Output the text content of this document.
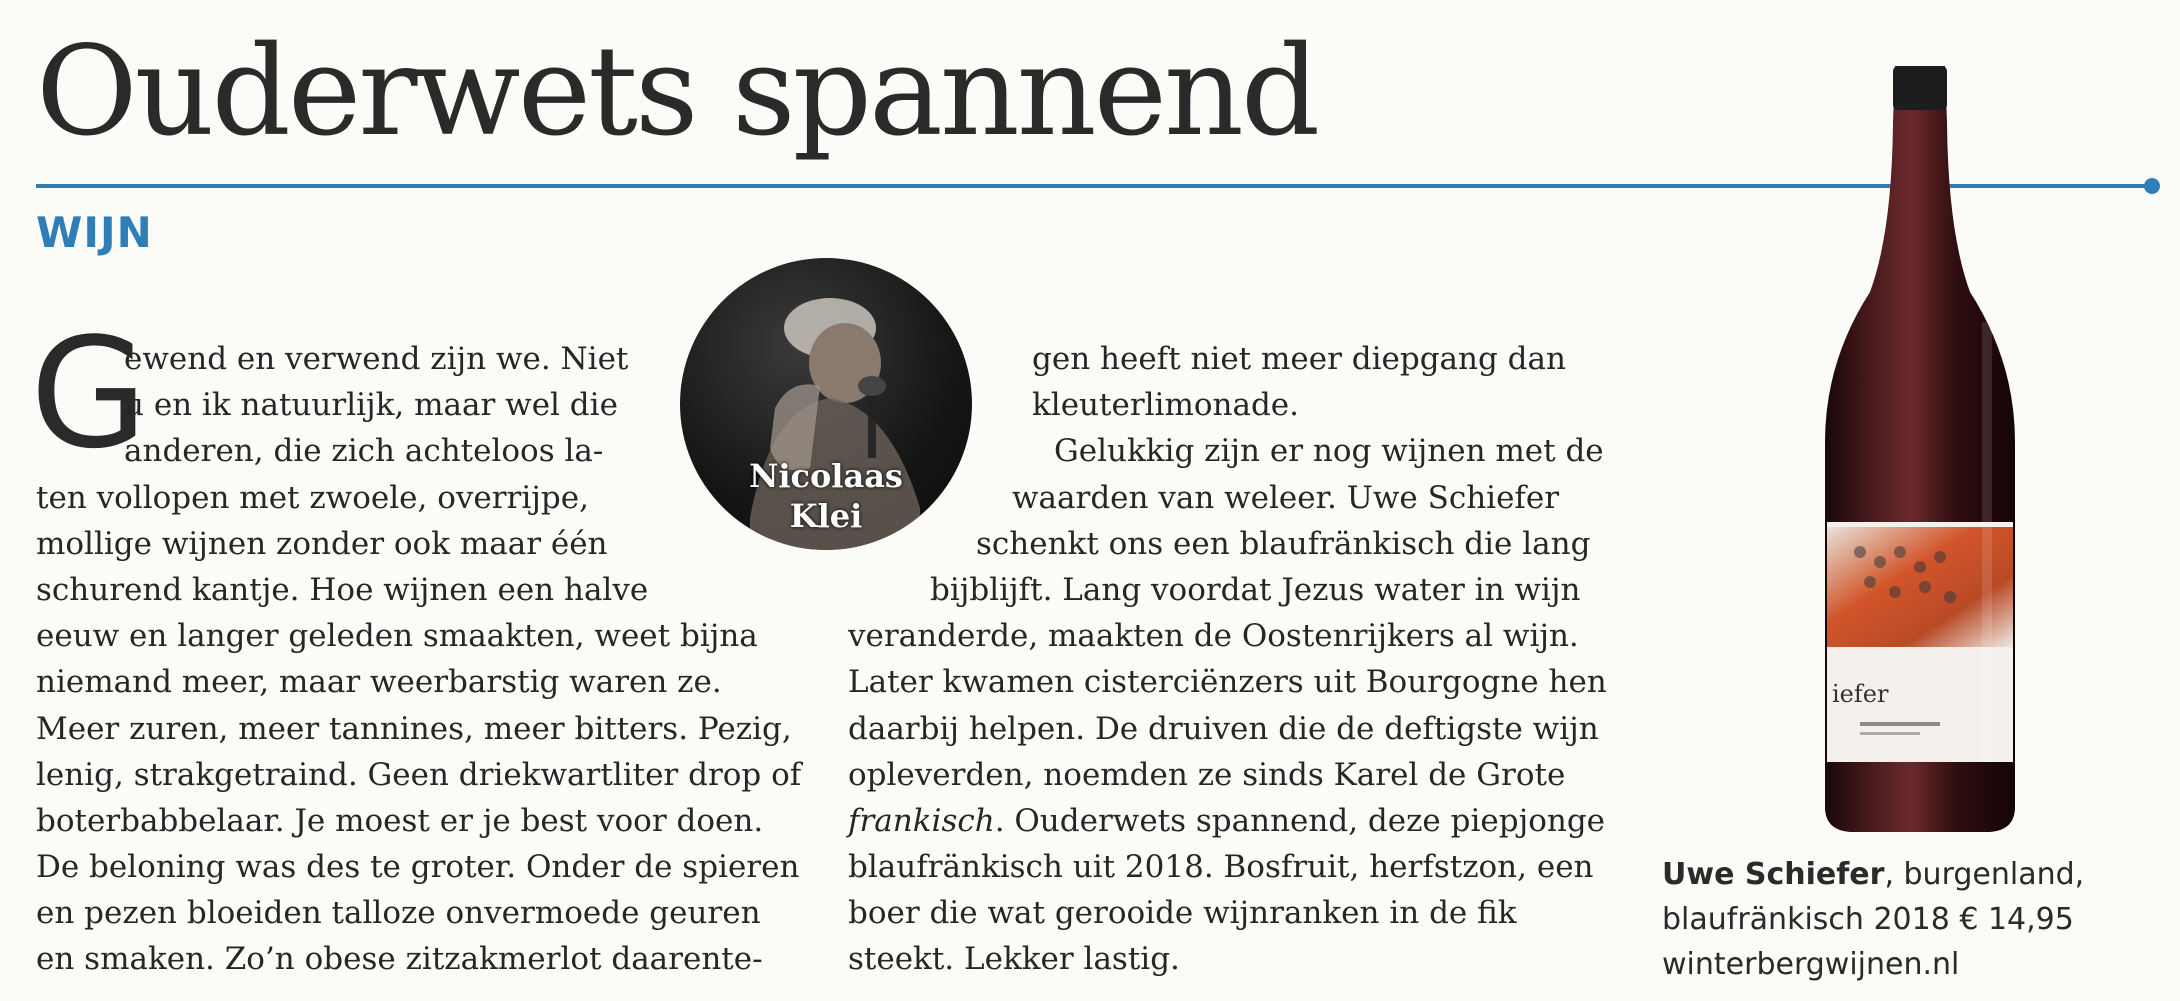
Ouderwets spannend
WIJN
Nicolaas
Klei
G
ewend en verwend zijn we. Niet
u en ik natuurlijk, maar wel die
anderen, die zich achteloos la-
ten vollopen met zwoele, overrijpe,
mollige wijnen zonder ook maar één
schurend kantje. Hoe wijnen een halve
eeuw en langer geleden smaakten, weet bijna
niemand meer, maar weerbarstig waren ze.
Meer zuren, meer tannines, meer bitters. Pezig,
lenig, strakgetraind. Geen driekwartliter drop of
boterbabbelaar. Je moest er je best voor doen.
De beloning was des te groter. Onder de spieren
en pezen bloeiden talloze onvermoede geuren
en smaken. Zo’n obese zitzakmerlot daarente-
gen heeft niet meer diepgang dan
kleuterlimonade.
Gelukkig zijn er nog wijnen met de
waarden van weleer. Uwe Schiefer
schenkt ons een blaufränkisch die lang
bijblijft. Lang voordat Jezus water in wijn
veranderde, maakten de Oostenrijkers al wijn.
Later kwamen cisterciënzers uit Bourgogne hen
daarbij helpen. De druiven die de deftigste wijn
opleverden, noemden ze sinds Karel de Grote
frankisch. Ouderwets spannend, deze piepjonge
blaufränkisch uit 2018. Bosfruit, herfstzon, een
boer die wat gerooide wijnranken in de fik
steekt. Lekker lastig.
iefer
Uwe Schiefer, burgenland,
blaufränkisch 2018 € 14,95
winterbergwijnen.nl
